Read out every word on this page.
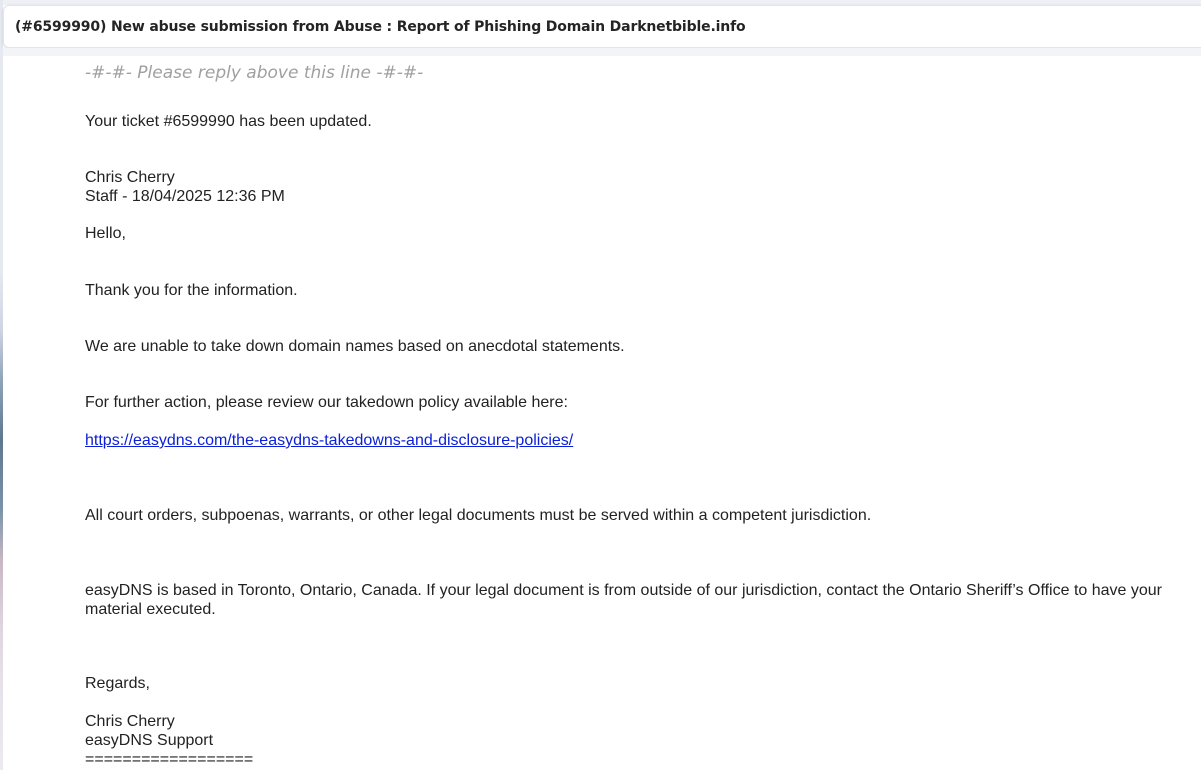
(#6599990) New abuse submission from Abuse : Report of Phishing Domain Darknetbible.info
-#-#- Please reply above this line -#-#-
Your ticket #6599990 has been updated.
Chris Cherry
Staff - 18/04/2025 12:36 PM
Hello,
Thank you for the information.
We are unable to take down domain names based on anecdotal statements.
For further action, please review our takedown policy available here:
https://easydns.com/the-easydns-takedowns-and-disclosure-policies/
All court orders, subpoenas, warrants, or other legal documents must be served within a competent jurisdiction.
easyDNS is based in Toronto, Ontario, Canada. If your legal document is from outside of our jurisdiction, contact the Ontario Sheriff’s Office to have your material executed.
Regards,
Chris Cherry
easyDNS Support
==================
